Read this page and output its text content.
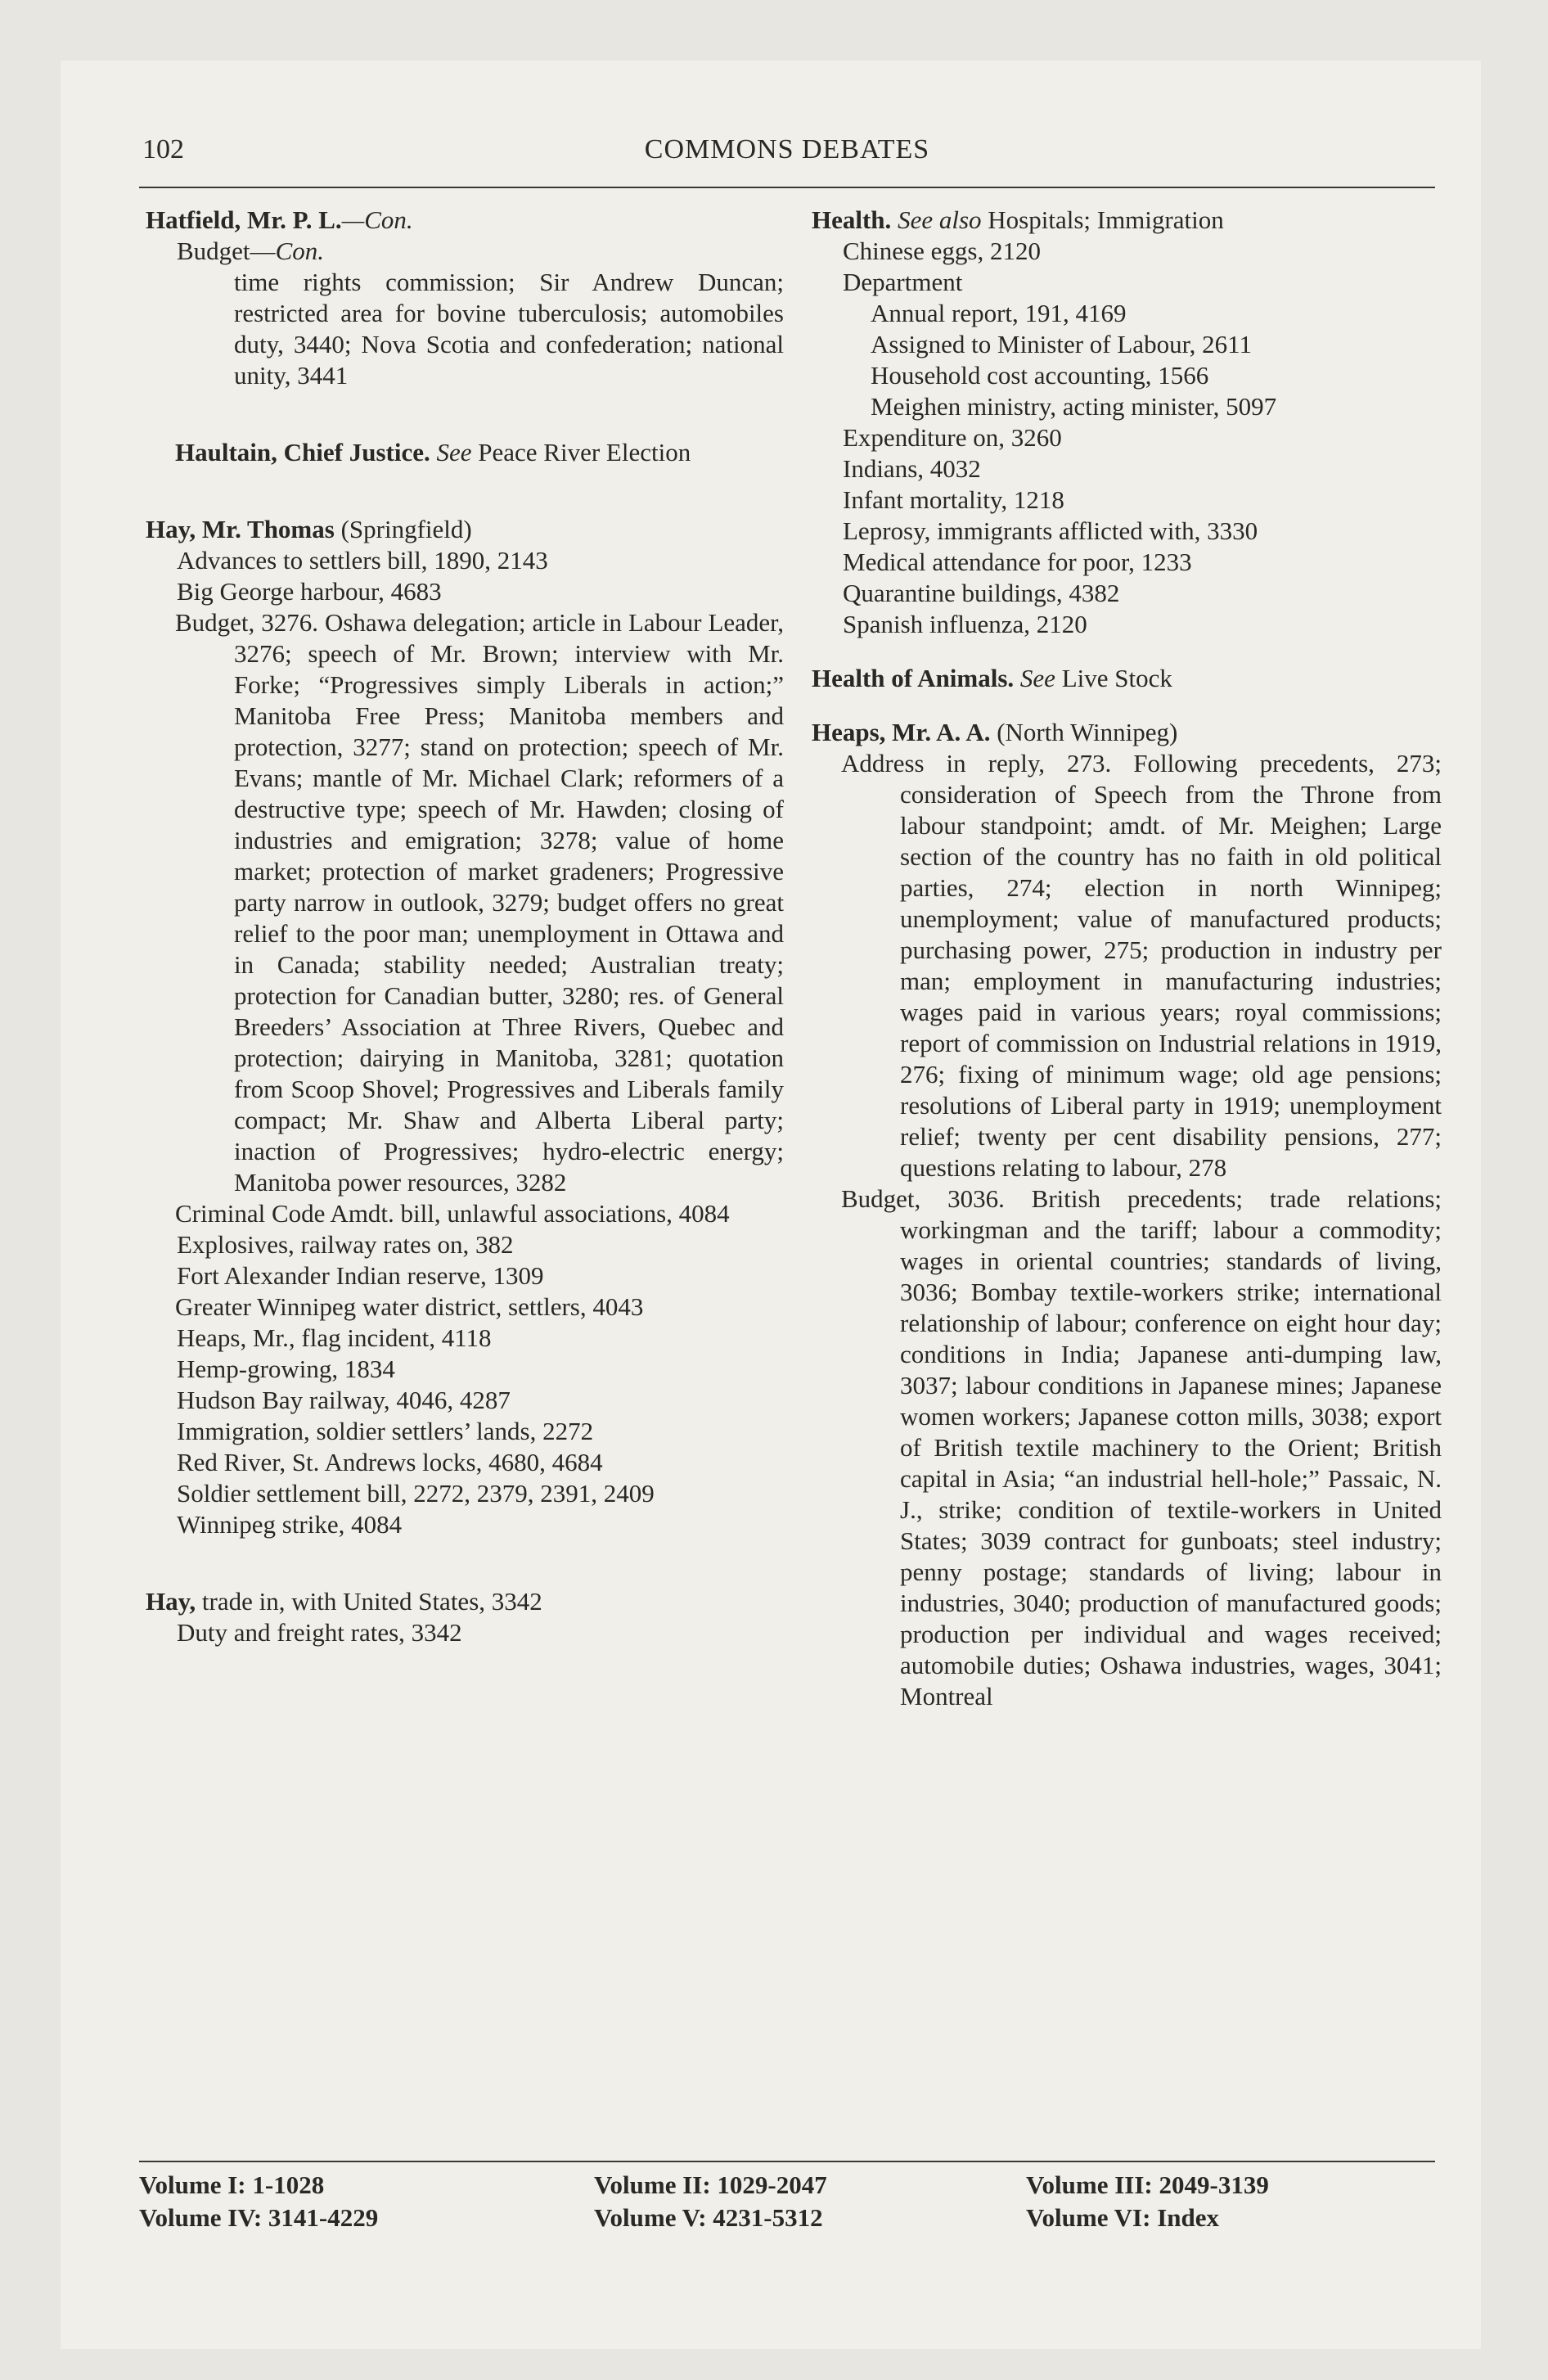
102	COMMONS DEBATES
Hatfield, Mr. P. L.—Con.
Budget—Con.
time rights commission; Sir Andrew Duncan; restricted area for bovine tuberculosis; automobiles duty, 3440; Nova Scotia and confederation; national unity, 3441
Haultain, Chief Justice. See Peace River Election
Hay, Mr. Thomas (Springfield)
Advances to settlers bill, 1890, 2143
Big George harbour, 4683
Budget, 3276. Oshawa delegation; article in Labour Leader, 3276; speech of Mr. Brown; interview with Mr. Forke; “Progressives simply Liberals in action;” Manitoba Free Press; Manitoba members and protection, 3277; stand on protection; speech of Mr. Evans; mantle of Mr. Michael Clark; reformers of a destructive type; speech of Mr. Hawden; closing of industries and emigration; 3278; value of home market; protection of market gradeners; Progressive party narrow in outlook, 3279; budget offers no great relief to the poor man; unemployment in Ottawa and in Canada; stability needed; Australian treaty; protection for Canadian butter, 3280; res. of General Breeders’ Association at Three Rivers, Quebec and protection; dairying in Manitoba, 3281; quotation from Scoop Shovel; Progressives and Liberals family compact; Mr. Shaw and Alberta Liberal party; inaction of Progressives; hydro-electric energy; Manitoba power resources, 3282
Criminal Code Amdt. bill, unlawful associations, 4084
Explosives, railway rates on, 382
Fort Alexander Indian reserve, 1309
Greater Winnipeg water district, settlers, 4043
Heaps, Mr., flag incident, 4118
Hemp-growing, 1834
Hudson Bay railway, 4046, 4287
Immigration, soldier settlers’ lands, 2272
Red River, St. Andrews locks, 4680, 4684
Soldier settlement bill, 2272, 2379, 2391, 2409
Winnipeg strike, 4084
Hay, trade in, with United States, 3342
Duty and freight rates, 3342
Health. See also Hospitals; Immigration
Chinese eggs, 2120
Department
Annual report, 191, 4169
Assigned to Minister of Labour, 2611
Household cost accounting, 1566
Meighen ministry, acting minister, 5097
Expenditure on, 3260
Indians, 4032
Infant mortality, 1218
Leprosy, immigrants afflicted with, 3330
Medical attendance for poor, 1233
Quarantine buildings, 4382
Spanish influenza, 2120
Health of Animals. See Live Stock
Heaps, Mr. A. A. (North Winnipeg)
Address in reply, 273. Following precedents, 273; consideration of Speech from the Throne from labour standpoint; amdt. of Mr. Meighen; Large section of the country has no faith in old political parties, 274; election in north Winnipeg; unemployment; value of manufactured products; purchasing power, 275; production in industry per man; employment in manufacturing industries; wages paid in various years; royal commissions; report of commission on Industrial relations in 1919, 276; fixing of minimum wage; old age pensions; resolutions of Liberal party in 1919; unemployment relief; twenty per cent disability pensions, 277; questions relating to labour, 278
Budget, 3036. British precedents; trade relations; workingman and the tariff; labour a commodity; wages in oriental countries; standards of living, 3036; Bombay textile-workers strike; international relationship of labour; conference on eight hour day; conditions in India; Japanese anti-dumping law, 3037; labour conditions in Japanese mines; Japanese women workers; Japanese cotton mills, 3038; export of British textile machinery to the Orient; British capital in Asia; “an industrial hell-hole;” Passaic, N. J., strike; condition of textile-workers in United States; 3039 contract for gunboats; steel industry; penny postage; standards of living; labour in industries, 3040; production of manufactured goods; production per individual and wages received; automobile duties; Oshawa industries, wages, 3041; Montreal
Volume I: 1-1028
Volume IV: 3141-4229
Volume II: 1029-2047
Volume V: 4231-5312
Volume III: 2049-3139
Volume VI: Index
